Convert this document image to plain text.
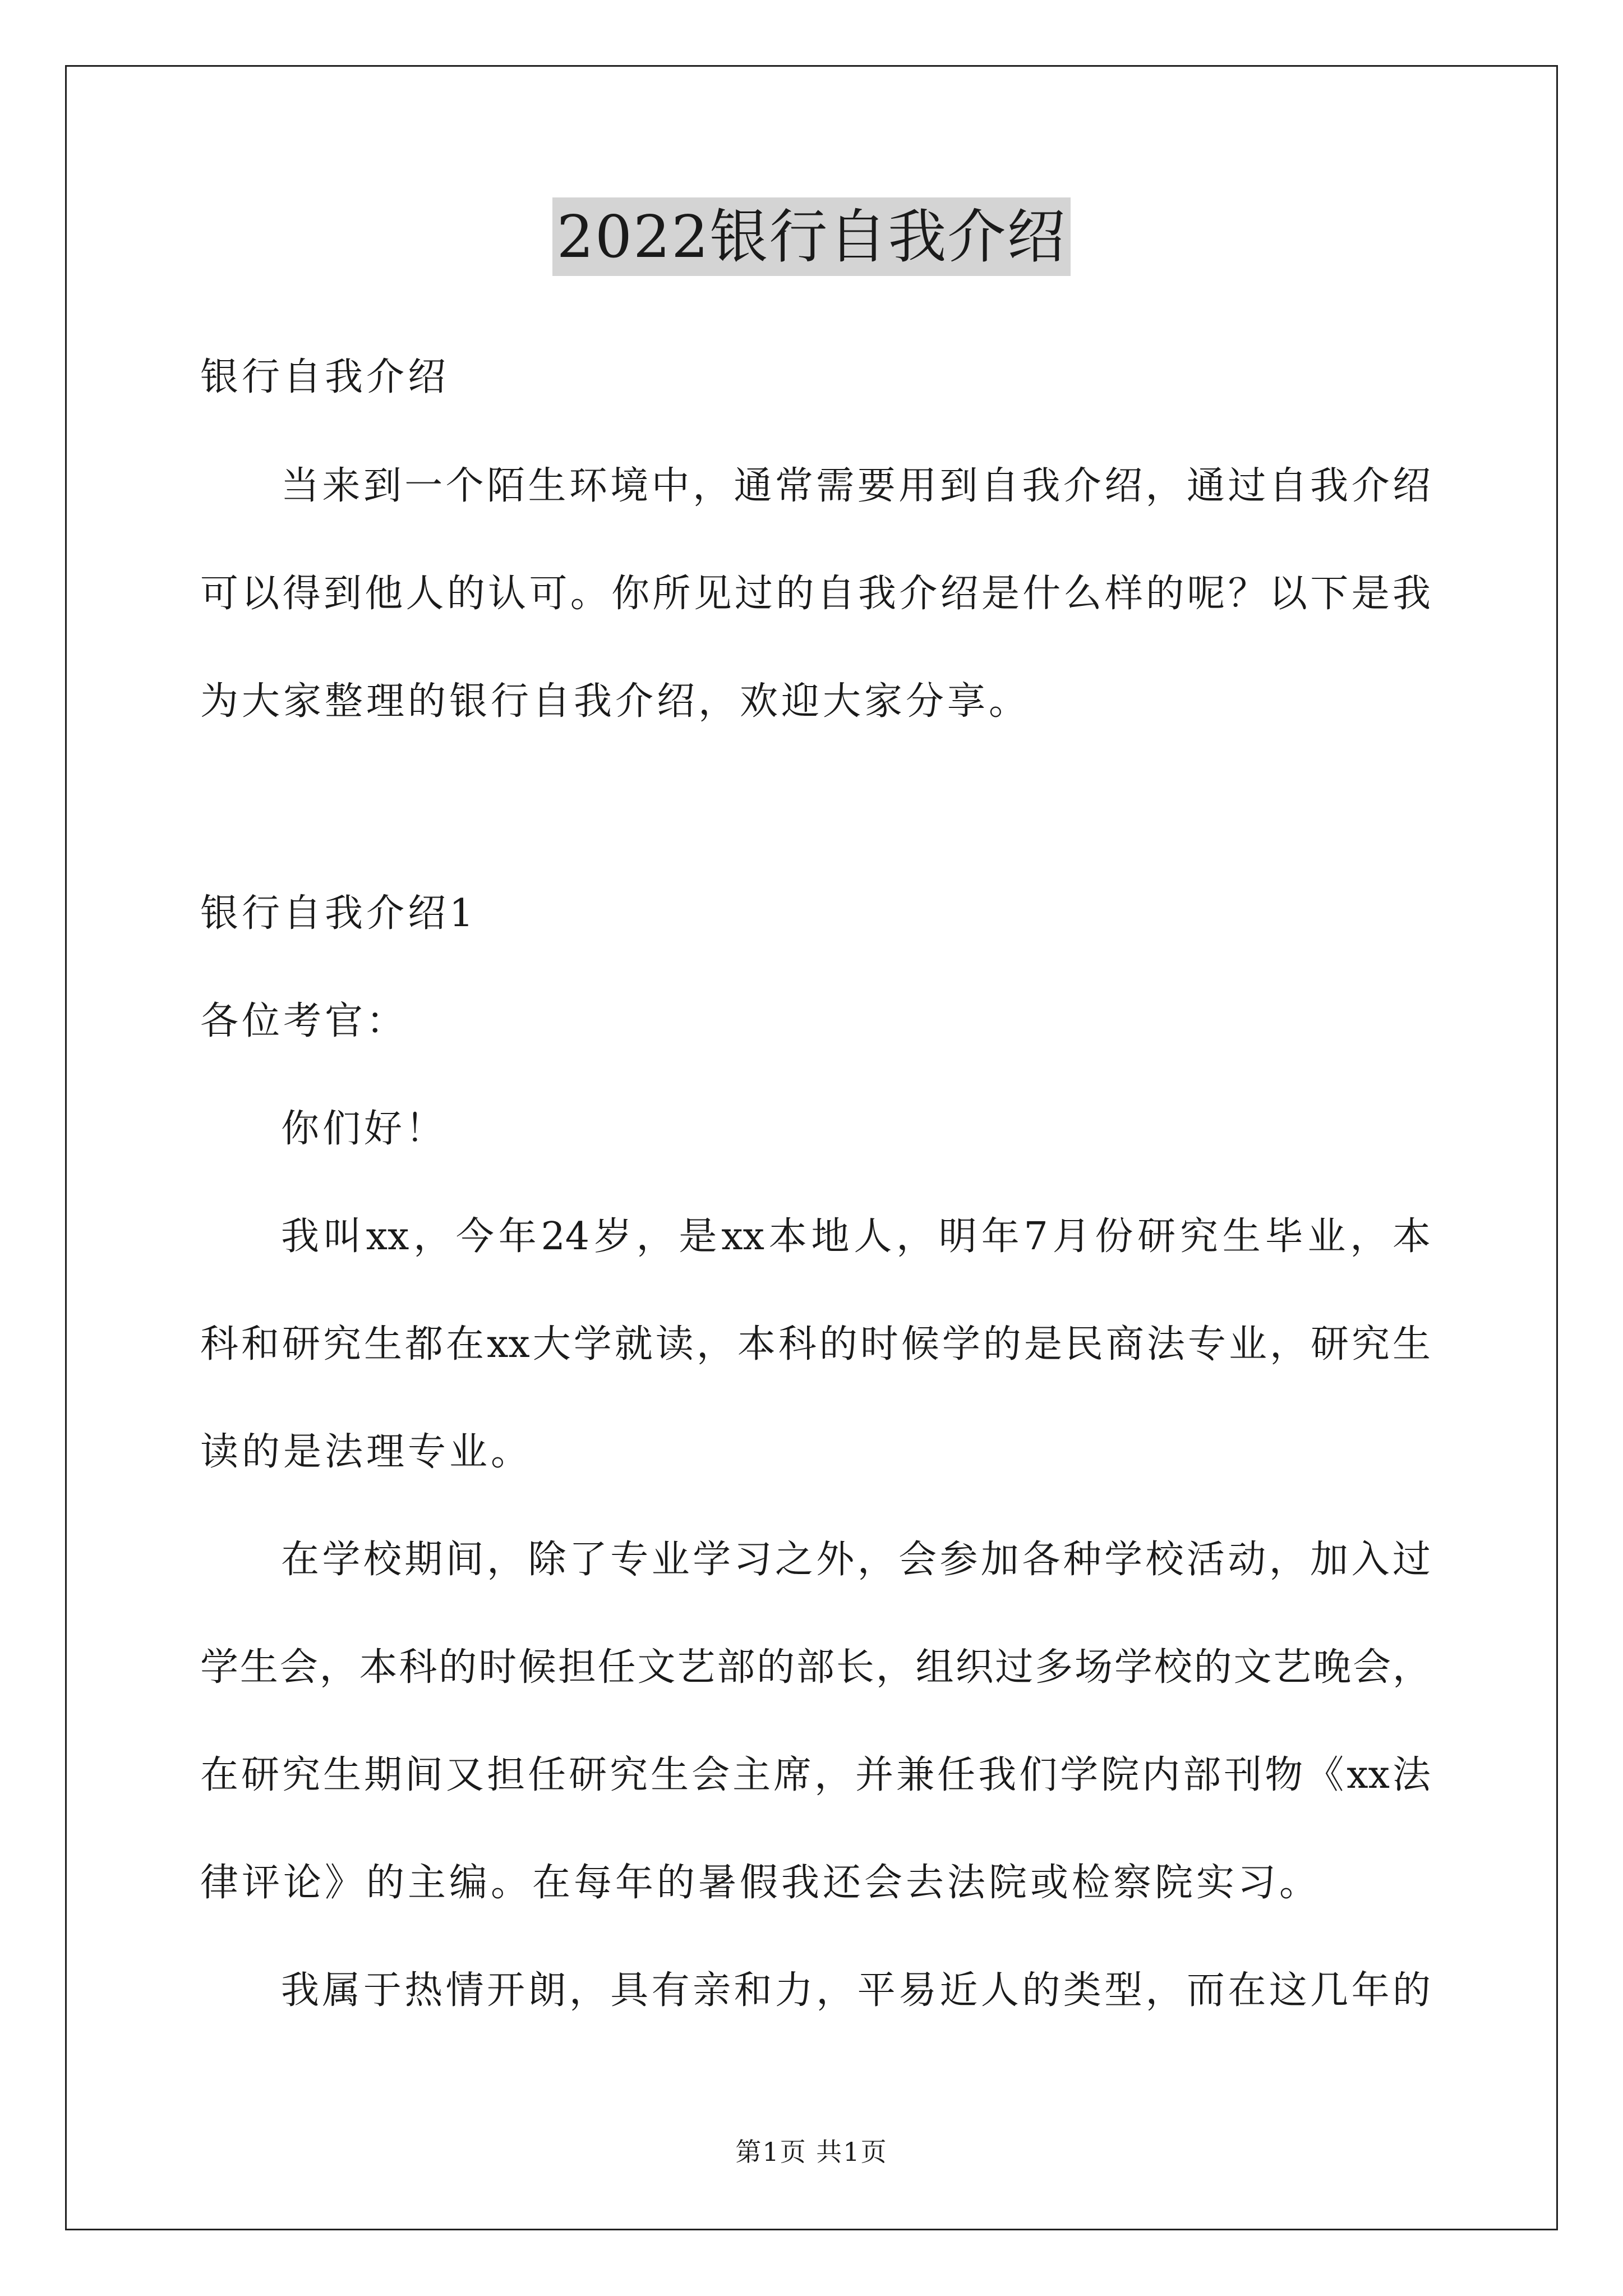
2022银行自我介绍
银行自我介绍
当来到一个陌生环境中，通常需要用到自我介绍，通过自我介绍
可以得到他人的认可。你所见过的自我介绍是什么样的呢？以下是我
为大家整理的银行自我介绍，欢迎大家分享。
银行自我介绍1
各位考官：
你们好！
我叫xx，今年24岁，是xx本地人，明年7月份研究生毕业，本
科和研究生都在xx大学就读，本科的时候学的是民商法专业，研究生
读的是法理专业。
在学校期间，除了专业学习之外，会参加各种学校活动，加入过
学生会，本科的时候担任文艺部的部长，组织过多场学校的文艺晚会，
在研究生期间又担任研究生会主席，并兼任我们学院内部刊物《xx法
律评论》的主编。在每年的暑假我还会去法院或检察院实习。
我属于热情开朗，具有亲和力，平易近人的类型，而在这几年的
第1页 共1页
